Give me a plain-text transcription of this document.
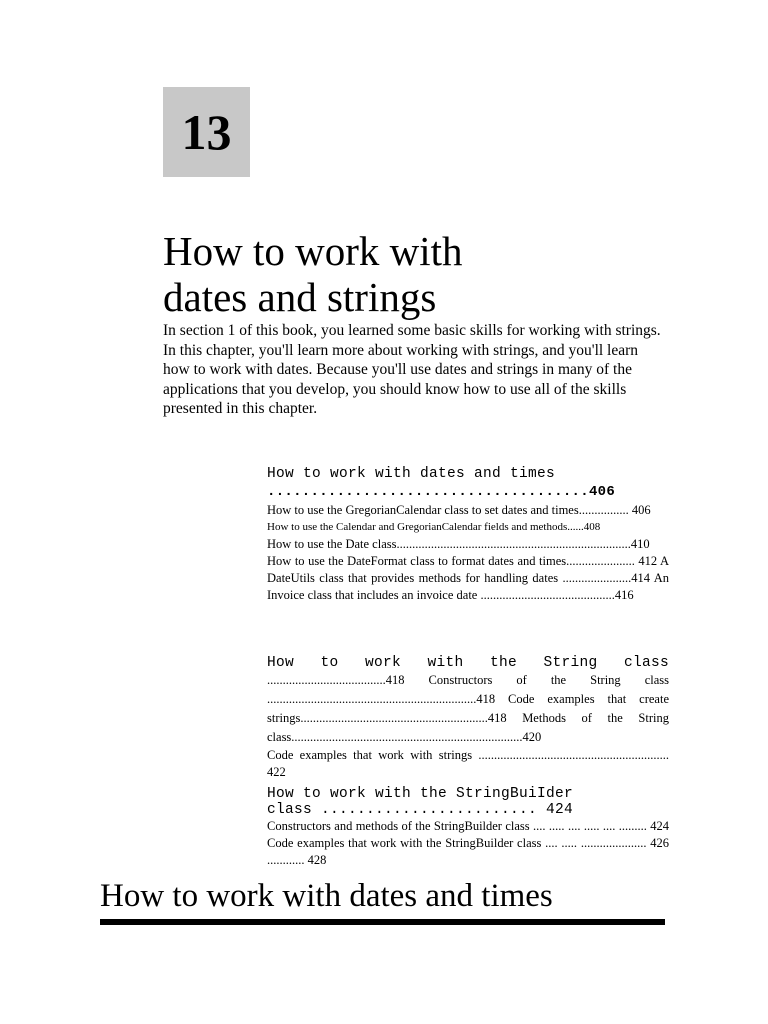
13
How to work with
dates and strings

In section 1 of this book, you learned some basic skills for working with strings. In this chapter, you'll learn more about working with strings, and you'll learn how to work with dates. Because you'll use dates and strings in many of the applications that you develop, you should know how to use all of the skills presented in this chapter.

How to work with dates and times
.....................................406
How to use the GregorianCalendar class to set dates and times................ 406
How to use the Calendar and GregorianCalendar fields and methods......408
How to use the Date class...........................................................................410
How to use the DateFormat class to format dates and times...................... 412 A DateUtils class that provides methods for handling dates ......................414 An Invoice class that includes an invoice date ...........................................416
How to work with the String class
......................................418 Constructors of the String class ...................................................................418 Code examples that create strings............................................................418 Methods of the String class..........................................................................420
Code examples that work with strings ............................................................. 422
How to work with the StringBuiIder
class ........................ 424
Constructors and methods of the StringBuilder class .... ..... .... ..... .... ......... 424 Code examples that work with the StringBuilder class .... ..... ..................... 426 ............ 428
How to work with dates and times
